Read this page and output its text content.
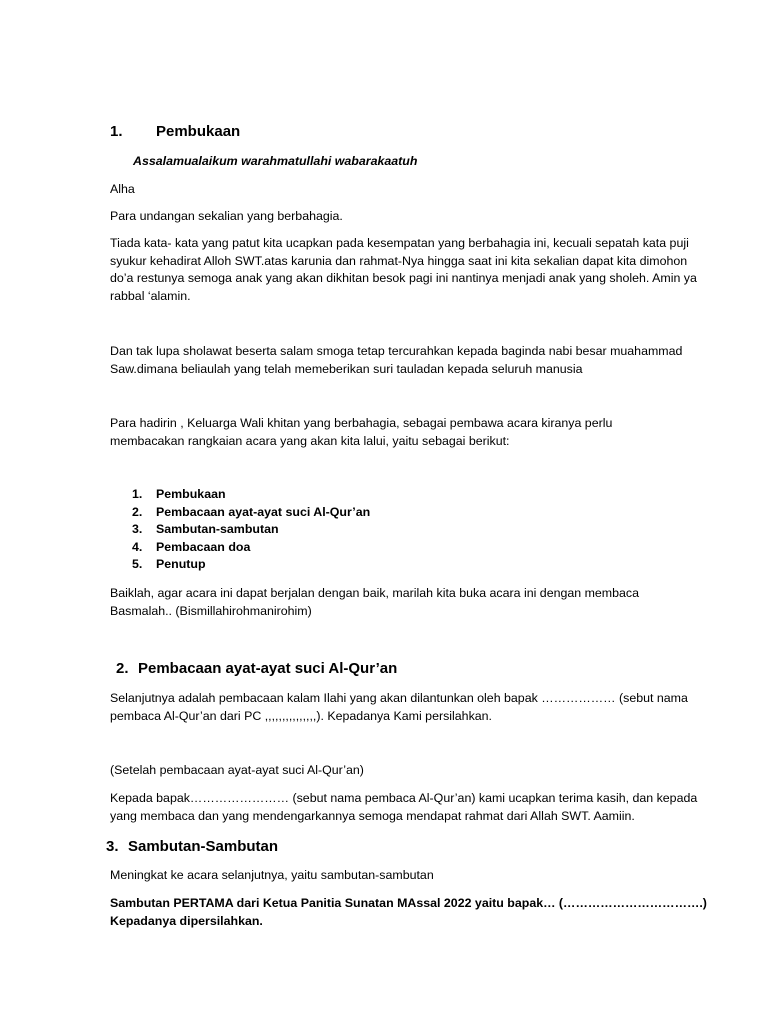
1. Pembukaan

Assalamualaikum warahmatullahi wabarakaatuh

Alha

Para undangan sekalian yang berbahagia.

Tiada kata- kata yang patut kita ucapkan pada kesempatan yang berbahagia ini, kecuali sepatah kata puji syukur kehadirat Alloh SWT.atas karunia dan rahmat-Nya hingga saat ini kita sekalian dapat kita dimohon do’a restunya semoga anak yang akan dikhitan besok pagi ini nantinya menjadi anak yang sholeh. Amin ya rabbal ‘alamin.

Dan tak lupa sholawat beserta salam smoga tetap tercurahkan kepada baginda nabi besar muahammad Saw.dimana beliaulah yang telah memeberikan suri tauladan kepada seluruh manusia

Para hadirin , Keluarga Wali khitan yang berbahagia, sebagai pembawa acara kiranya perlu membacakan rangkaian acara yang akan kita lalui, yaitu sebagai berikut:

1. Pembukaan
2. Pembacaan ayat-ayat suci Al-Qur’an
3. Sambutan-sambutan
4. Pembacaan doa
5. Penutup

Baiklah, agar acara ini dapat berjalan dengan baik, marilah kita buka acara ini dengan membaca Basmalah.. (Bismillahirohmanirohim)

2. Pembacaan ayat-ayat suci Al-Qur’an

Selanjutnya adalah pembacaan kalam Ilahi yang akan dilantunkan oleh bapak ……………… (sebut nama pembaca Al-Qur’an dari PC ,,,,,,,,,,,,,,,). Kepadanya Kami persilahkan.

(Setelah pembacaan ayat-ayat suci Al-Qur’an)

Kepada bapak…………………… (sebut nama pembaca Al-Qur’an) kami ucapkan terima kasih, dan kepada yang membaca dan yang mendengarkannya semoga mendapat rahmat dari Allah SWT. Aamiin.

3. Sambutan-Sambutan

Meningkat ke acara selanjutnya, yaitu sambutan-sambutan

Sambutan PERTAMA dari Ketua Panitia Sunatan MAssal 2022 yaitu bapak… (…………………………….) Kepadanya dipersilahkan.
